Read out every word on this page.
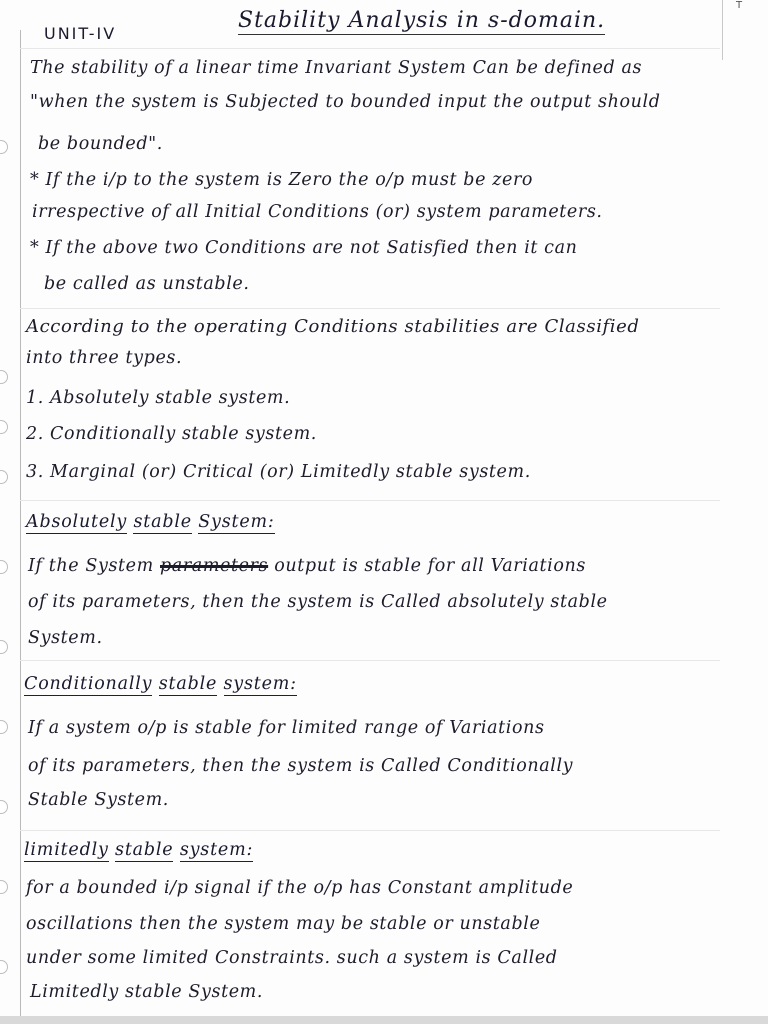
T
UNIT-IV
Stability Analysis in s-domain.
The stability of a linear time Invariant System Can be defined as
"when the system is Subjected to bounded input the output should
be bounded".
* If the i/p to the system is Zero the o/p must be zero
irrespective of all Initial Conditions (or) system parameters.
* If the above two Conditions are not Satisfied then it can
be called as unstable.
According to the operating Conditions stabilities are Classified
into three types.
1. Absolutely stable system.
2. Conditionally stable system.
3. Marginal (or) Critical (or) Limitedly stable system.
Absolutely stable System:
If the System parameters output is stable for all Variations
of its parameters, then the system is Called absolutely stable
System.
Conditionally stable system:
If a system o/p is stable for limited range of Variations
of its parameters, then the system is Called Conditionally
Stable System.
limitedly stable system:
for a bounded i/p signal if the o/p has Constant amplitude
oscillations then the system may be stable or unstable
under some limited Constraints. such a system is Called
Limitedly stable System.
